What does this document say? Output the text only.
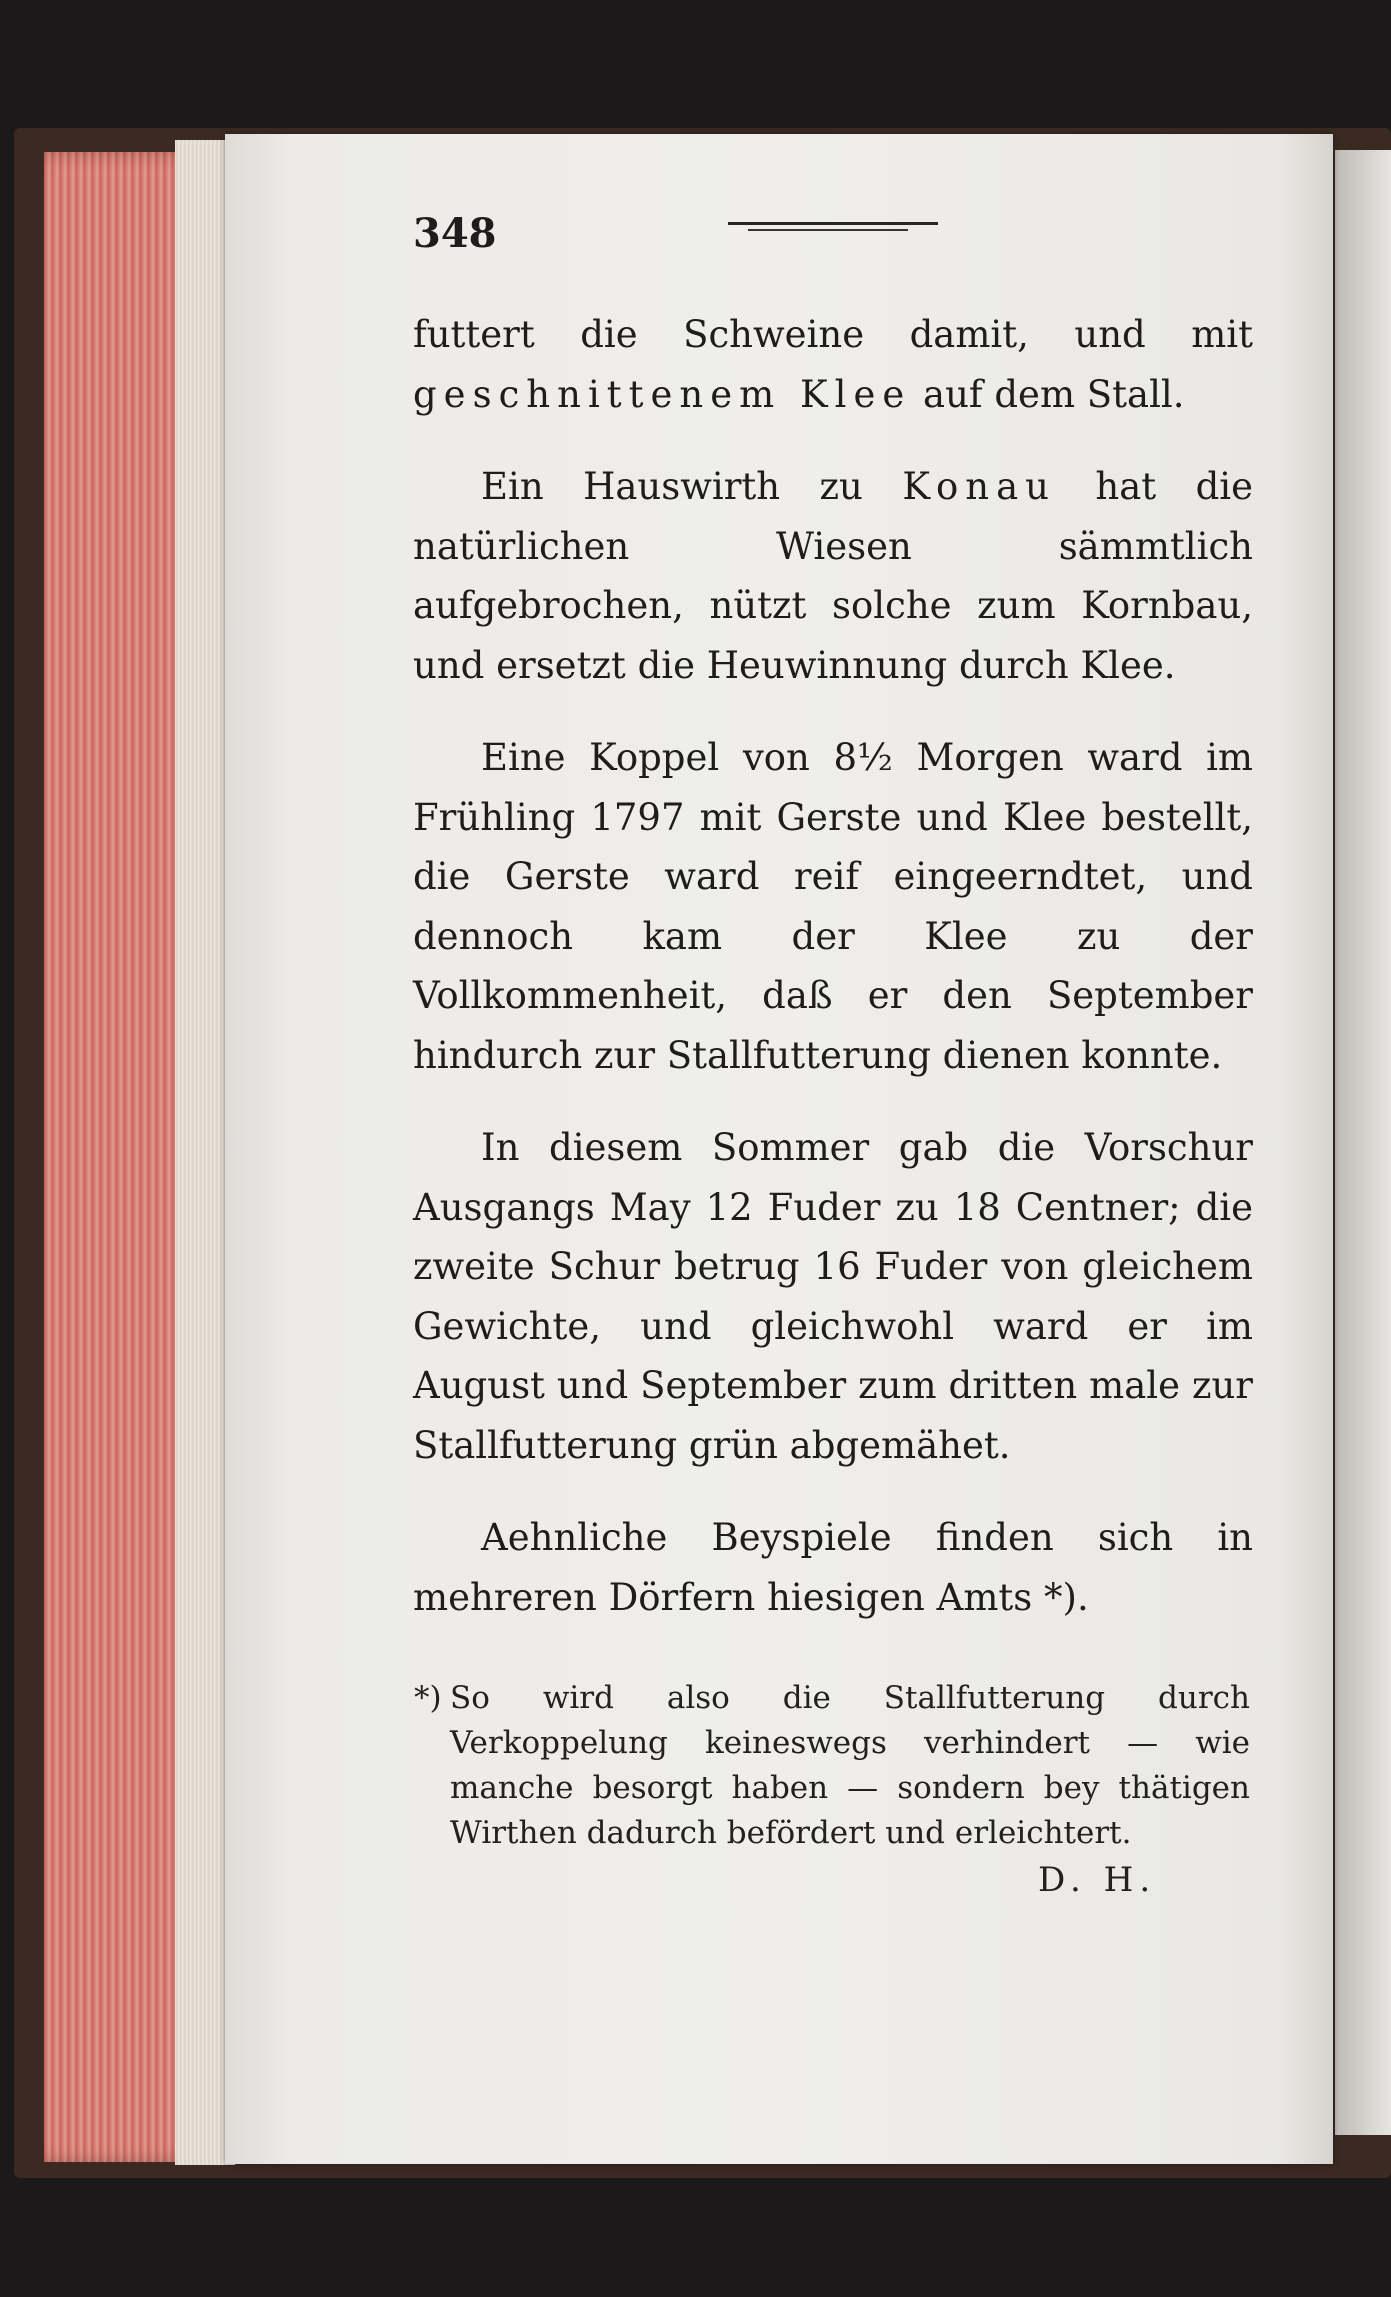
348

futtert die Schweine damit, und mit geschnittenem Klee auf dem Stall.

Ein Hauswirth zu Konau hat die natürlichen Wiesen sämmtlich aufgebrochen, nützt solche zum Kornbau, und ersetzt die Heuwinnung durch Klee.

Eine Koppel von 8½ Morgen ward im Frühling 1797 mit Gerste und Klee bestellt, die Gerste ward reif eingeerndtet, und dennoch kam der Klee zu der Vollkommenheit, daß er den September hindurch zur Stallfutterung dienen konnte.

In diesem Sommer gab die Vorschur Ausgangs May 12 Fuder zu 18 Centner; die zweite Schur betrug 16 Fuder von gleichem Gewichte, und gleichwohl ward er im August und September zum dritten male zur Stallfutterung grün abgemähet.

Aehnliche Beyspiele finden sich in mehreren Dörfern hiesigen Amts *).

*) So wird also die Stallfutterung durch Verkoppelung keineswegs verhindert — wie manche besorgt haben — sondern bey thätigen Wirthen dadurch befördert und erleichtert.
D. H.
